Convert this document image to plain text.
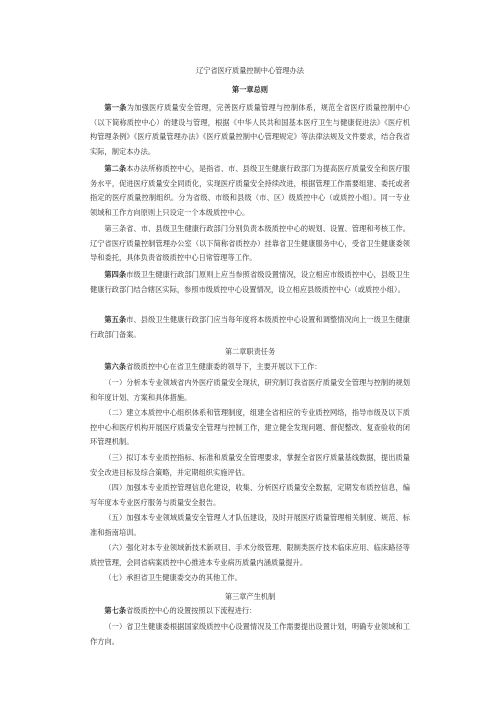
辽宁省医疗质量控制中心管理办法
第一章总则
第一条为加强医疗质量安全管理，完善医疗质量管理与控制体系，规范全省医疗质量控制中心（以下简称质控中心）的建设与管理，根据《中华人民共和国基本医疗卫生与健康促进法》《医疗机构管理条例》《医疗质量管理办法》《医疗质量控制中心管理规定》等法律法规及文件要求，结合我省实际，制定本办法。
第二条本办法所称质控中心，是指省、市、县级卫生健康行政部门为提高医疗质量安全和医疗服务水平，促进医疗质量安全同质化，实现医疗质量安全持续改进，根据管理工作需要组建、委托或者指定的医疗质量控制组织。分为省级、市级和县级（市、区）级质控中心（或质控小组）。同一专业领域和工作方向原则上只设定一个本级质控中心。
第三条省、市、县级卫生健康行政部门分别负责本级质控中心的规划、设置、管理和考核工作。辽宁省医疗质量控制管理办公室（以下简称省质控办）挂靠省卫生健康服务中心，受省卫生健康委领导和委托，具体负责省级质控中心日常管理等工作。
第四条市级卫生健康行政部门原则上应当参照省级设置情况，设立相应市级质控中心，县级卫生健康行政部门结合辖区实际，参照市级质控中心设置情况，设立相应县级质控中心（或质控小组）。
第五条市、县级卫生健康行政部门应当每年度将本级质控中心设置和调整情况向上一级卫生健康行政部门备案。
第二章职责任务
第六条省级质控中心在省卫生健康委的领导下，主要开展以下工作：
（一）分析本专业领域省内外医疗质量安全现状，研究制订我省医疗质量安全管理与控制的规划和年度计划、方案和具体措施。
（二）建立本质控中心组织体系和管理制度，组建全省相应的专业质控网络，指导市级及以下质控中心和医疗机构开展医疗质量安全管理与控制工作，建立健全发现问题、督促整改、复查验收的闭环管理机制。
（三）拟订本专业质控指标、标准和质量安全管理要求，掌握全省医疗质量基线数据，提出质量安全改进目标及综合策略，并定期组织实施评估。
（四）加强本专业质控管理信息化建设，收集、分析医疗质量安全数据，定期发布质控信息，编写年度本专业医疗服务与质量安全报告。
（五）加强本专业领域质量安全管理人才队伍建设，及时开展医疗质量管理相关制度、规范、标准和指南培训。
（六）强化对本专业领域新技术新项目、手术分级管理、限制类医疗技术临床应用、临床路径等质控管理，会同省病案质控中心推进本专业病历质量内涵质量提升。
（七）承担省卫生健康委交办的其他工作。
第三章产生机制
第七条省级质控中心的设置按照以下流程进行：
（一）省卫生健康委根据国家级质控中心设置情况及工作需要提出设置计划，明确专业领域和工作方向。
